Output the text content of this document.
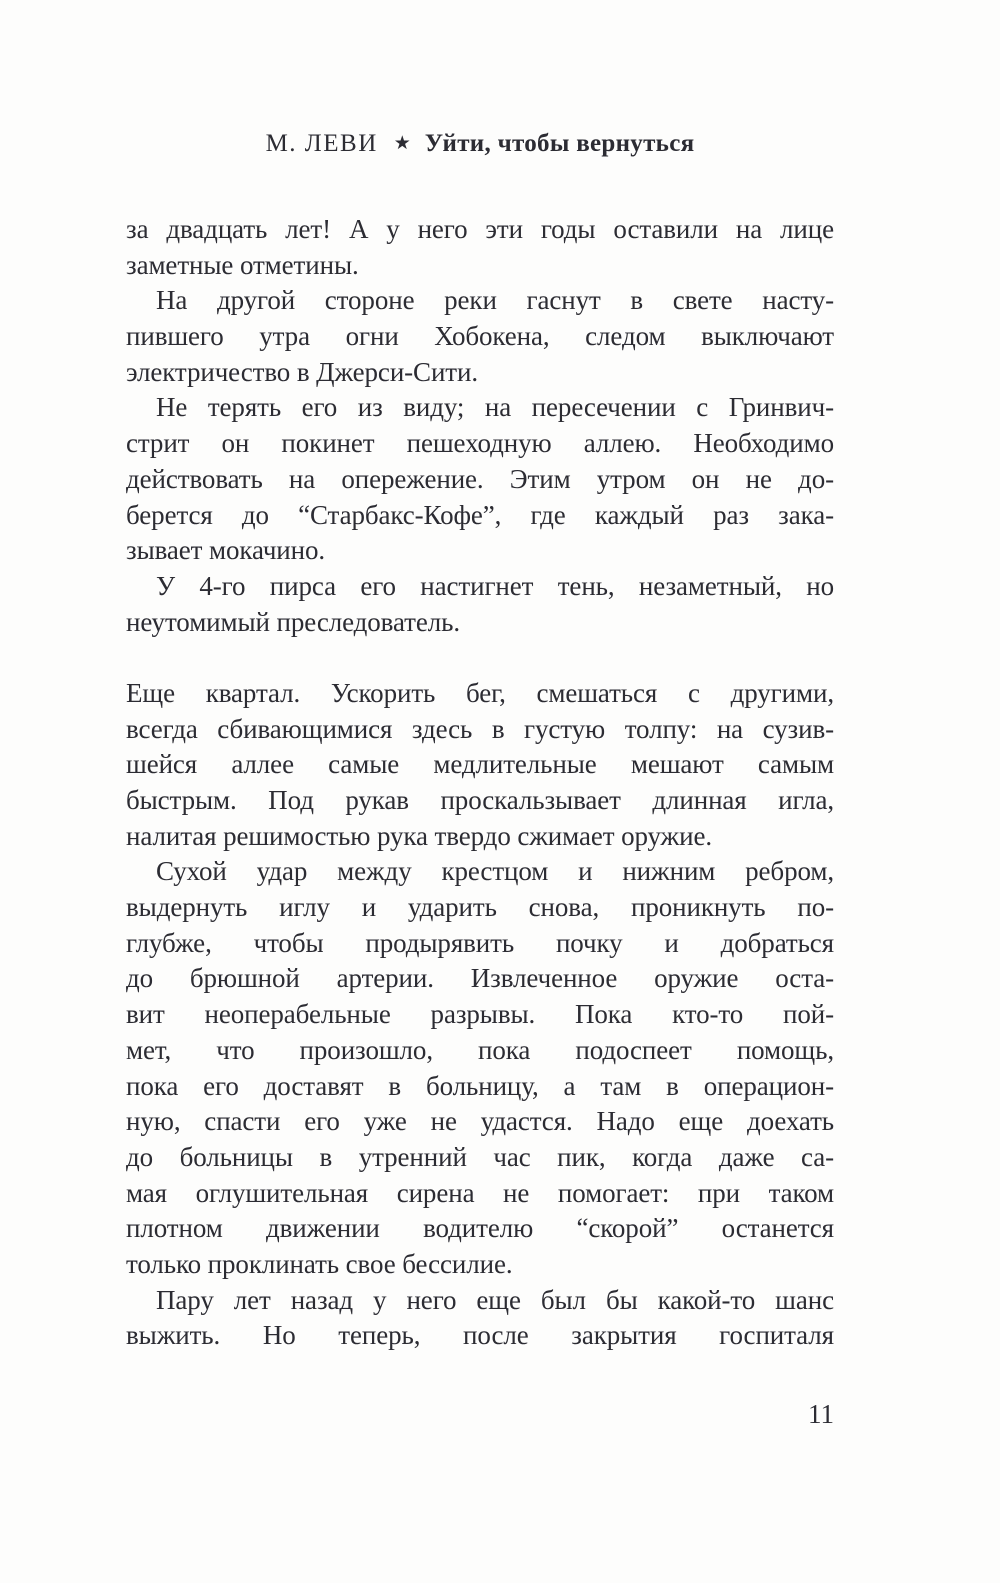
М. ЛЕВИ ★ Уйти, чтобы вернуться
за двадцать лет! А у него эти годы оставили на лице
заметные отметины.
На другой стороне реки гаснут в свете насту-
пившего утра огни Хобокена, следом выключают
электричество в Джерси-Сити.
Не терять его из виду; на пересечении с Гринвич-
стрит он покинет пешеходную аллею. Необходимо
действовать на опережение. Этим утром он не до-
берется до “Старбакс-Кофе”, где каждый раз зака-
зывает мокачино.
У 4-го пирса его настигнет тень, незаметный, но
неутомимый преследователь.
Еще квартал. Ускорить бег, смешаться с другими,
всегда сбивающимися здесь в густую толпу: на сузив-
шейся аллее самые медлительные мешают самым
быстрым. Под рукав проскальзывает длинная игла,
налитая решимостью рука твердо сжимает оружие.
Сухой удар между крестцом и нижним ребром,
выдернуть иглу и ударить снова, проникнуть по-
глубже, чтобы продырявить почку и добраться
до брюшной артерии. Извлеченное оружие оста-
вит неоперабельные разрывы. Пока кто-то пой-
мет, что произошло, пока подоспеет помощь,
пока его доставят в больницу, а там в операцион-
ную, спасти его уже не удастся. Надо еще доехать
до больницы в утренний час пик, когда даже са-
мая оглушительная сирена не помогает: при таком
плотном движении водителю “скорой” останется
только проклинать свое бессилие.
Пару лет назад у него еще был бы какой-то шанс
выжить. Но теперь, после закрытия госпиталя
11
